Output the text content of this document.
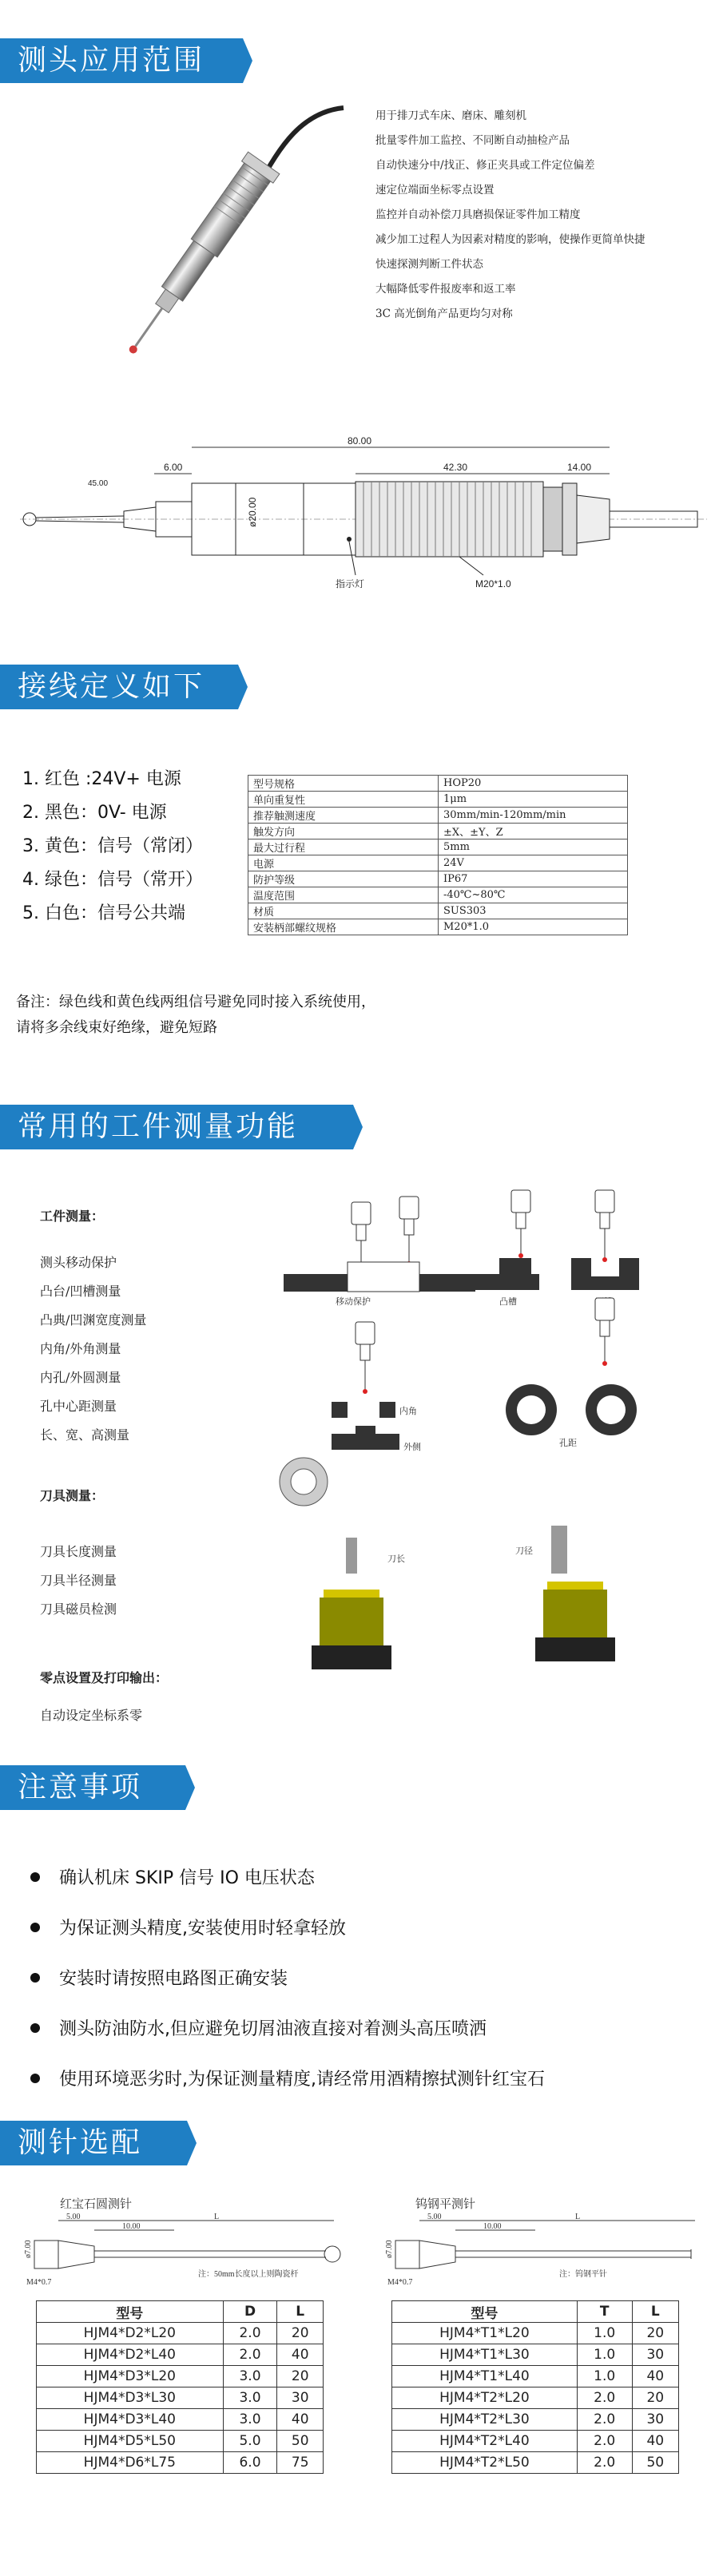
测头应用范围
用于排刀式车床、磨床、雕刻机
批量零件加工监控、不同断自动抽检产品
自动快速分中/找正、修正夹具或工件定位偏差
速定位端面坐标零点设置
监控并自动补偿刀具磨损保证零件加工精度
减少加工过程人为因素对精度的影响，使操作更简单快捷
快速探测判断工件状态
大幅降低零件报废率和返工率
3C 高光倒角产品更均匀对称
80.00
42.30	14.00
6.00
45.00
ø20.00
指示灯	M20*1.0
接线定义如下
1. 红色 :24V+ 电源
2. 黑色：0V- 电源
3. 黄色：信号（常闭）
4. 绿色：信号（常开）
5. 白色：信号公共端
型号规格	HOP20
单向重复性	1μm
推荐触测速度	30mm/min-120mm/min
触发方向	±X、±Y、Z
最大过行程	5mm
电源	24V
防护等级	IP67
温度范围	-40℃~80℃
材质	SUS303
安装柄部螺纹规格	M20*1.0
备注：绿色线和黄色线两组信号避免同时接入系统使用，
请将多余线束好绝缘，避免短路
常用的工件测量功能
工件测量：
测头移动保护
凸台/凹槽测量
凸典/凹渊宽度测量
内角/外角测量
内孔/外圆测量
孔中心距测量
长、宽、高测量
刀具测量：
刀具长度测量
刀具半径测量
刀具磁员检测
零点设置及打印输出：
自动设定坐标系零
移动保护	凸槽
内角
外侧	孔距
刀长
刀径
注意事项
确认机床 SKIP 信号 IO 电压状态
为保证测头精度,安装使用时轻拿轻放
安装时请按照电路图正确安装
测头防油防水,但应避免切屑油液直接对着测头高压喷洒
使用环境恶劣时,为保证测量精度,请经常用酒精擦拭测针红宝石
测针选配
红宝石圆测针
5.00
10.00
L
ø7.00
M4*0.7
注：50mm长度以上则陶瓷杆
钨钢平测针
5.00
10.00
L
ø7.00
M4*0.7
注：钨钢平针
型号	D	L
HJM4*D2*L20	2.0	20
HJM4*D2*L40	2.0	40
HJM4*D3*L20	3.0	20
HJM4*D3*L30	3.0	30
HJM4*D3*L40	3.0	40
HJM4*D5*L50	5.0	50
HJM4*D6*L75	6.0	75
型号	T	L
HJM4*T1*L20	1.0	20
HJM4*T1*L30	1.0	30
HJM4*T1*L40	1.0	40
HJM4*T2*L20	2.0	20
HJM4*T2*L30	2.0	30
HJM4*T2*L40	2.0	40
HJM4*T2*L50	2.0	50
